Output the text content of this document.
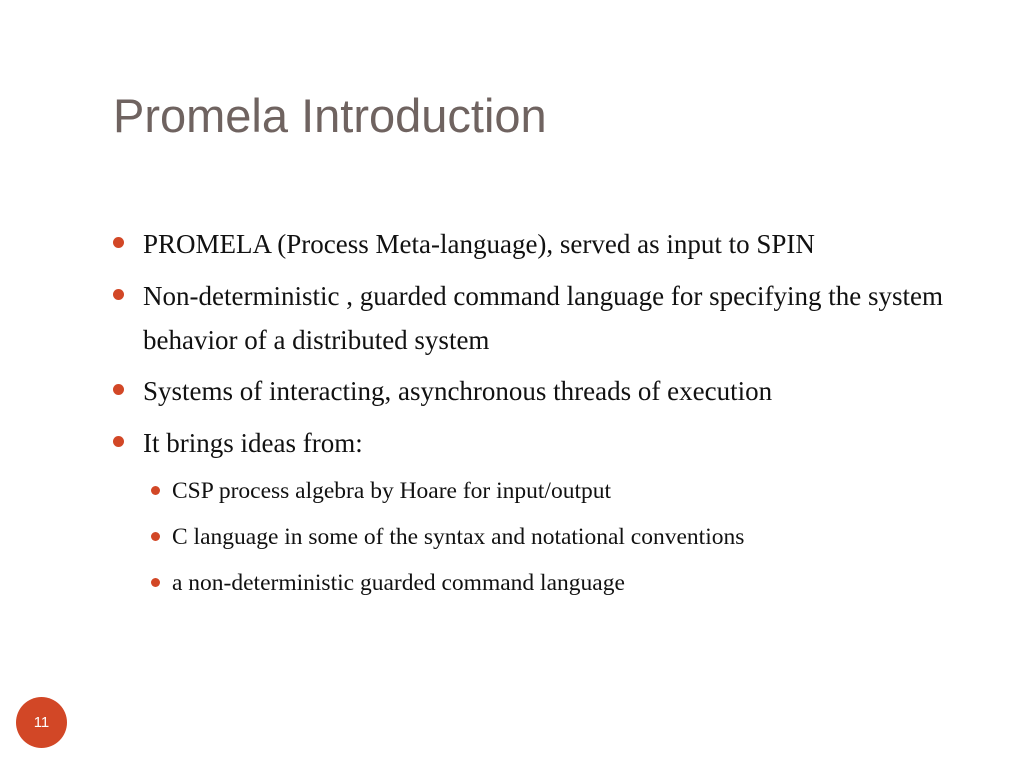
Promela Introduction
PROMELA (Process Meta-language), served as input to SPIN
Non-deterministic , guarded command language for specifying the system behavior of a distributed system
Systems of interacting, asynchronous threads of execution
It brings ideas from:
CSP process algebra by Hoare for input/output
C language in some of the syntax and notational conventions
a non-deterministic guarded command language
11
